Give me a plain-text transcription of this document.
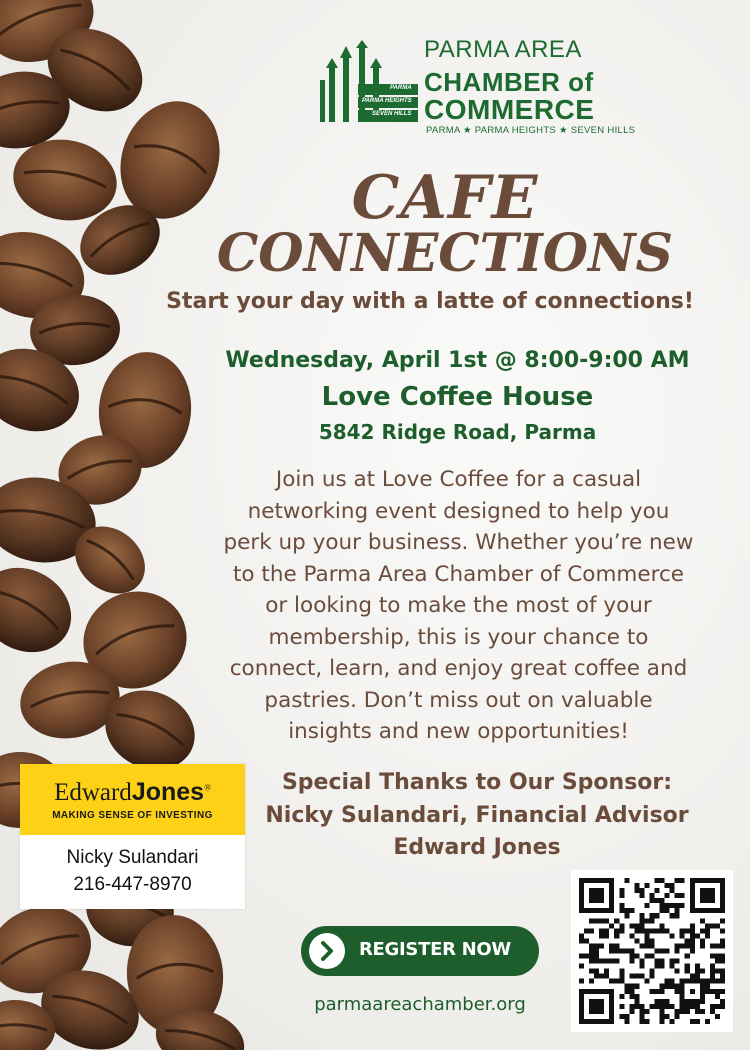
PARMA
PARMA HEIGHTS
SEVEN HILLS
PARMA AREA
CHAMBER of
COMMERCE
PARMA ★ PARMA HEIGHTS ★ SEVEN HILLS
CAFE
CONNECTIONS
Start your day with a latte of connections!
Wednesday, April 1st @ 8:00-9:00 AM
Love Coffee House
5842 Ridge Road, Parma
Join us at Love Coffee for a casual
networking event designed to help you
perk up your business. Whether you’re new
to the Parma Area Chamber of Commerce
or looking to make the most of your
membership, this is your chance to
connect, learn, and enjoy great coffee and
pastries. Don’t miss out on valuable
insights and new opportunities!
Special Thanks to Our Sponsor:
Nicky Sulandari, Financial Advisor
Edward Jones
EdwardJones®
MAKING SENSE OF INVESTING
Nicky Sulandari
216-447-8970
REGISTER NOW
parmaareachamber.org
